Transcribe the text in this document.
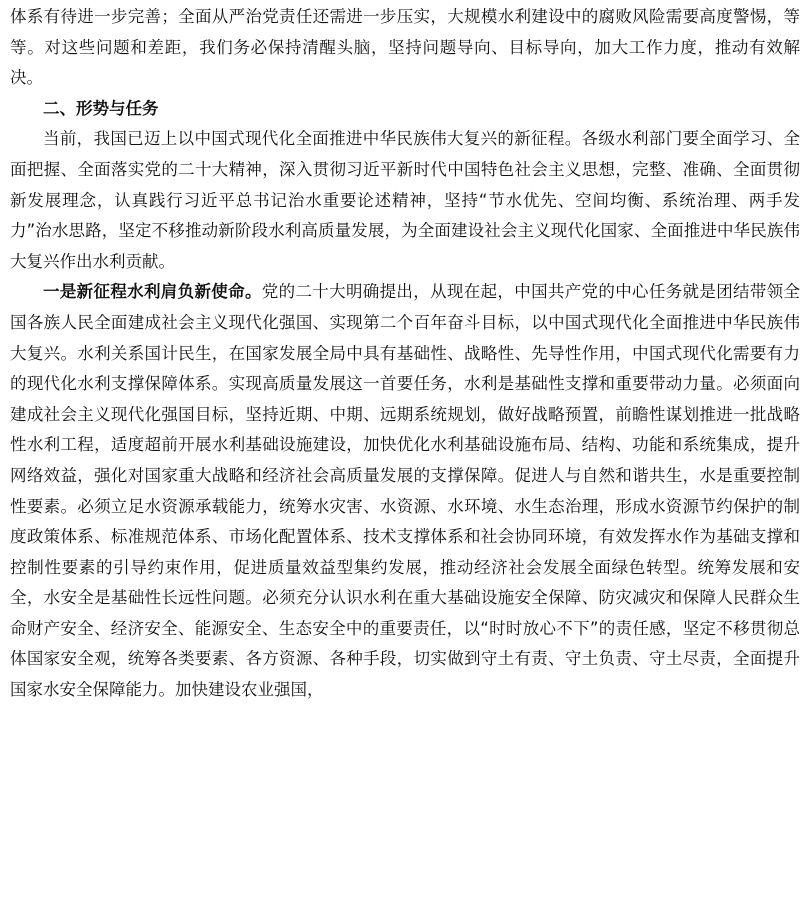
体系有待进一步完善；全面从严治党责任还需进一步压实，大规模水利建设中的腐败风险需要高度警惕，等等。对这些问题和差距，我们务必保持清醒头脑，坚持问题导向、目标导向，加大工作力度，推动有效解决。

二、形势与任务

当前，我国已迈上以中国式现代化全面推进中华民族伟大复兴的新征程。各级水利部门要全面学习、全面把握、全面落实党的二十大精神，深入贯彻习近平新时代中国特色社会主义思想，完整、准确、全面贯彻新发展理念，认真践行习近平总书记治水重要论述精神，坚持“节水优先、空间均衡、系统治理、两手发力”治水思路，坚定不移推动新阶段水利高质量发展，为全面建设社会主义现代化国家、全面推进中华民族伟大复兴作出水利贡献。

一是新征程水利肩负新使命。党的二十大明确提出，从现在起，中国共产党的中心任务就是团结带领全国各族人民全面建成社会主义现代化强国、实现第二个百年奋斗目标，以中国式现代化全面推进中华民族伟大复兴。水利关系国计民生，在国家发展全局中具有基础性、战略性、先导性作用，中国式现代化需要有力的现代化水利支撑保障体系。实现高质量发展这一首要任务，水利是基础性支撑和重要带动力量。必须面向建成社会主义现代化强国目标，坚持近期、中期、远期系统规划，做好战略预置，前瞻性谋划推进一批战略性水利工程，适度超前开展水利基础设施建设，加快优化水利基础设施布局、结构、功能和系统集成，提升网络效益，强化对国家重大战略和经济社会高质量发展的支撑保障。促进人与自然和谐共生，水是重要控制性要素。必须立足水资源承载能力，统筹水灾害、水资源、水环境、水生态治理，形成水资源节约保护的制度政策体系、标准规范体系、市场化配置体系、技术支撑体系和社会协同环境，有效发挥水作为基础支撑和控制性要素的引导约束作用，促进质量效益型集约发展，推动经济社会发展全面绿色转型。统筹发展和安全，水安全是基础性长远性问题。必须充分认识水利在重大基础设施安全保障、防灾减灾和保障人民群众生命财产安全、经济安全、能源安全、生态安全中的重要责任，以“时时放心不下”的责任感，坚定不移贯彻总体国家安全观，统筹各类要素、各方资源、各种手段，切实做到守土有责、守土负责、守土尽责，全面提升国家水安全保障能力。加快建设农业强国，
